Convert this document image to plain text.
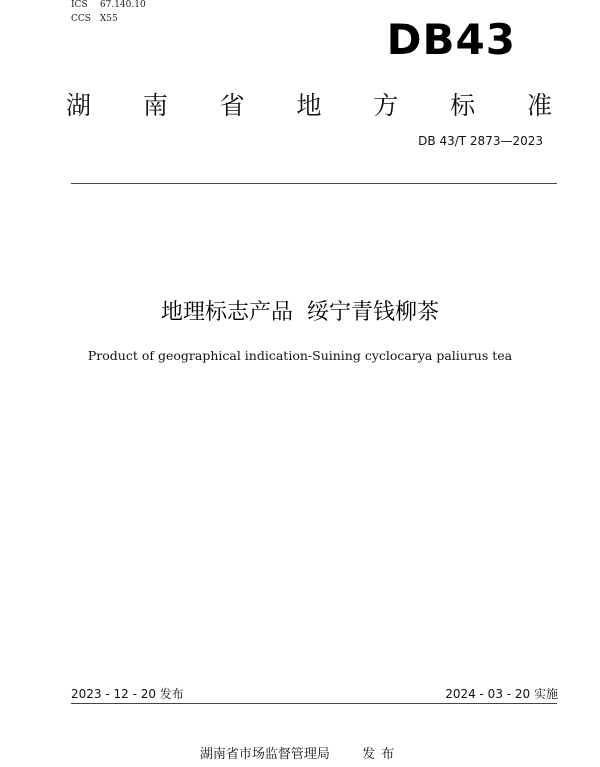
ICS 67.140.10
CCS X55	DB43
湖 南 省 地 方 标 准
DB 43/T 2873—2023
地理标志产品  绥宁青钱柳茶
Product of geographical indication-Suining cyclocarya paliurus tea
2023 - 12 - 20 发布	2024 - 03 - 20 实施
湖南省市场监督管理局 发布
